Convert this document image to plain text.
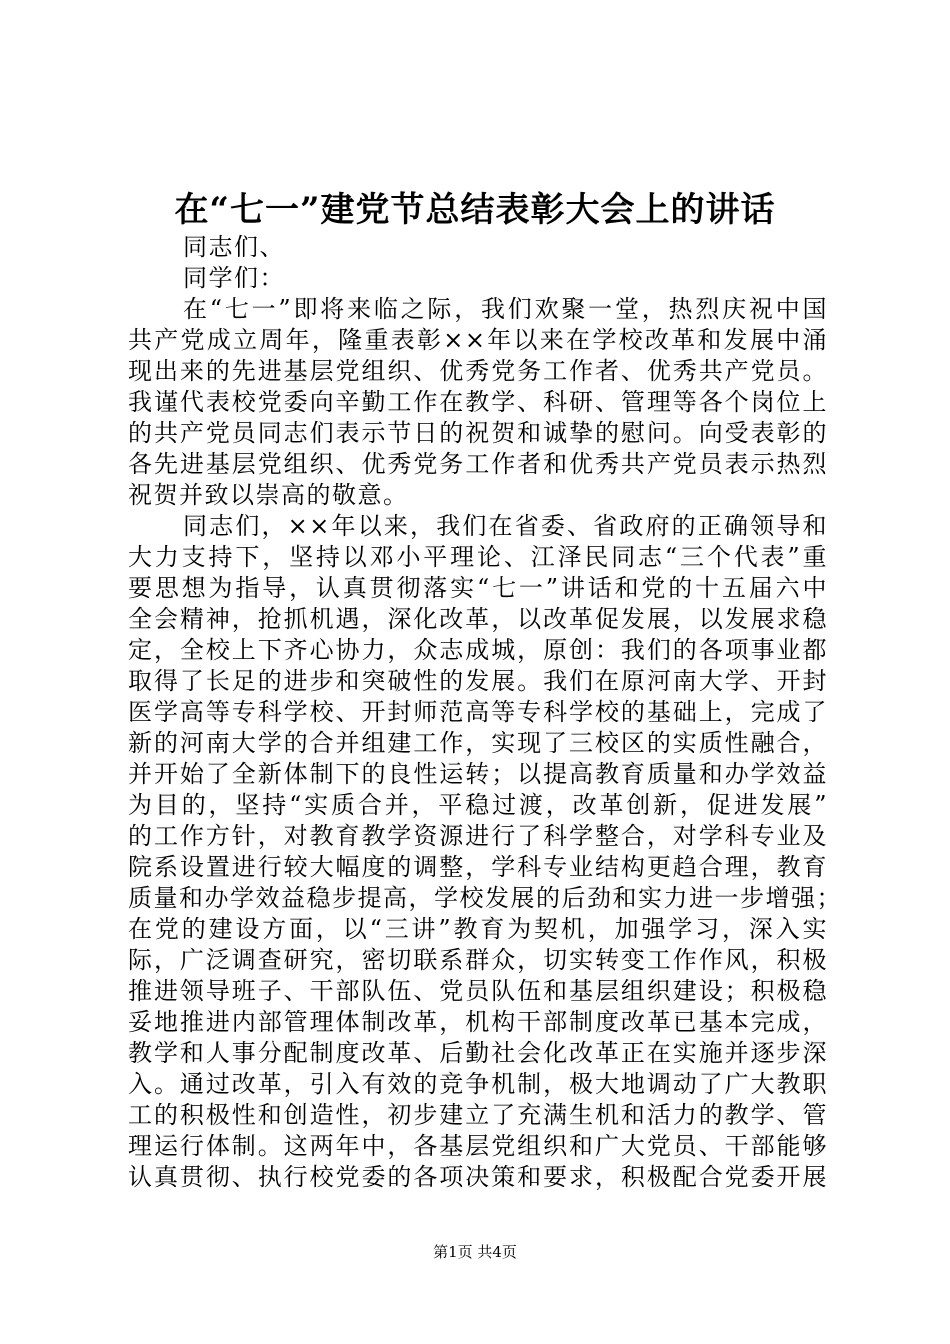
在“七一”建党节总结表彰大会上的讲话
同志们、
同学们：
在“七一”即将来临之际，我们欢聚一堂，热烈庆祝中国
共产党成立周年，隆重表彰××年以来在学校改革和发展中涌
现出来的先进基层党组织、优秀党务工作者、优秀共产党员。
我谨代表校党委向辛勤工作在教学、科研、管理等各个岗位上
的共产党员同志们表示节日的祝贺和诚挚的慰问。向受表彰的
各先进基层党组织、优秀党务工作者和优秀共产党员表示热烈
祝贺并致以崇高的敬意。
同志们，××年以来，我们在省委、省政府的正确领导和
大力支持下，坚持以邓小平理论、江泽民同志“三个代表”重
要思想为指导，认真贯彻落实“七一”讲话和党的十五届六中
全会精神，抢抓机遇，深化改革，以改革促发展，以发展求稳
定，全校上下齐心协力，众志成城，原创：我们的各项事业都
取得了长足的进步和突破性的发展。我们在原河南大学、开封
医学高等专科学校、开封师范高等专科学校的基础上，完成了
新的河南大学的合并组建工作，实现了三校区的实质性融合，
并开始了全新体制下的良性运转；以提高教育质量和办学效益
为目的，坚持“实质合并，平稳过渡，改革创新，促进发展”
的工作方针，对教育教学资源进行了科学整合，对学科专业及
院系设置进行较大幅度的调整，学科专业结构更趋合理，教育
质量和办学效益稳步提高，学校发展的后劲和实力进一步增强；
在党的建设方面，以“三讲”教育为契机，加强学习，深入实
际，广泛调查研究，密切联系群众，切实转变工作作风，积极
推进领导班子、干部队伍、党员队伍和基层组织建设；积极稳
妥地推进内部管理体制改革，机构干部制度改革已基本完成，
教学和人事分配制度改革、后勤社会化改革正在实施并逐步深
入。通过改革，引入有效的竞争机制，极大地调动了广大教职
工的积极性和创造性，初步建立了充满生机和活力的教学、管
理运行体制。这两年中，各基层党组织和广大党员、干部能够
认真贯彻、执行校党委的各项决策和要求，积极配合党委开展
第1页 共4页
